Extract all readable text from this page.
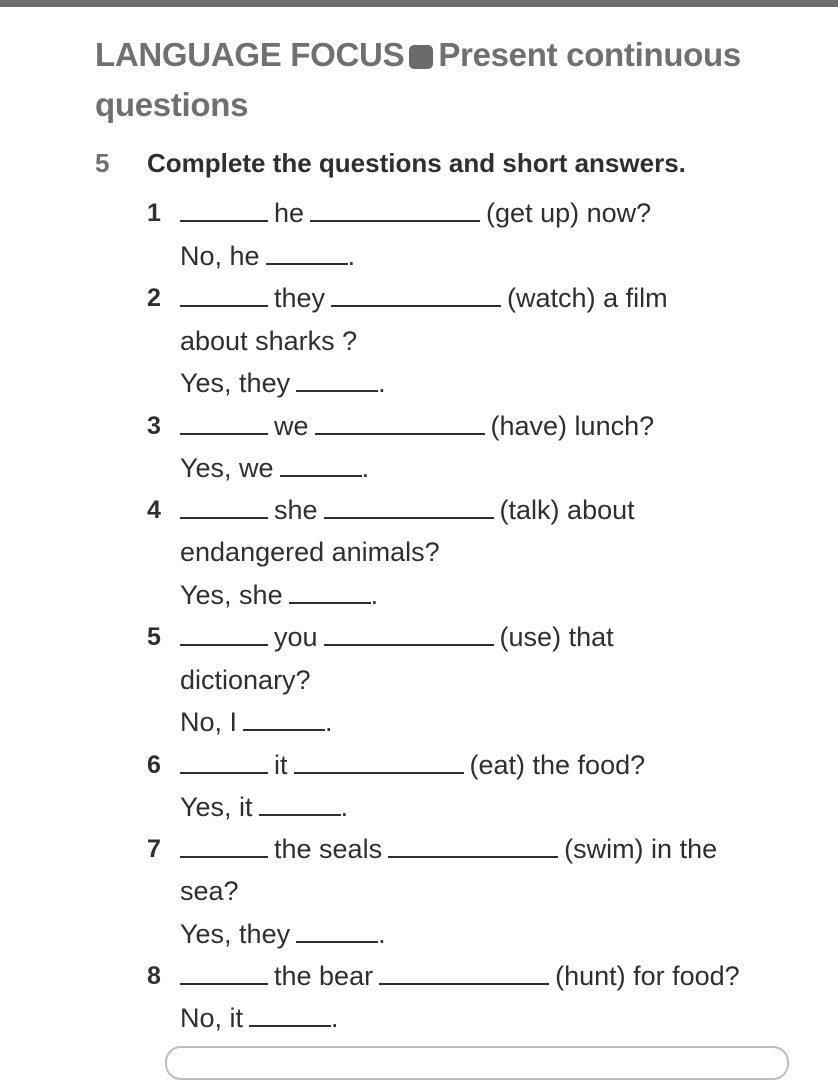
LANGUAGE FOCUS Present continuous
questions
5 Complete the questions and short answers.
1	he	(get up) now?
No, he	.
2	they	(watch) a film
about sharks ?
Yes, they	.
3	we	(have) lunch?
Yes, we	.
4	she	(talk) about
endangered animals?
Yes, she	.
5	you	(use) that
dictionary?
No, I	.
6	it	(eat) the food?
Yes, it	.
7	the seals	(swim) in the
sea?
Yes, they	.
8	the bear	(hunt) for food?
No, it	.
